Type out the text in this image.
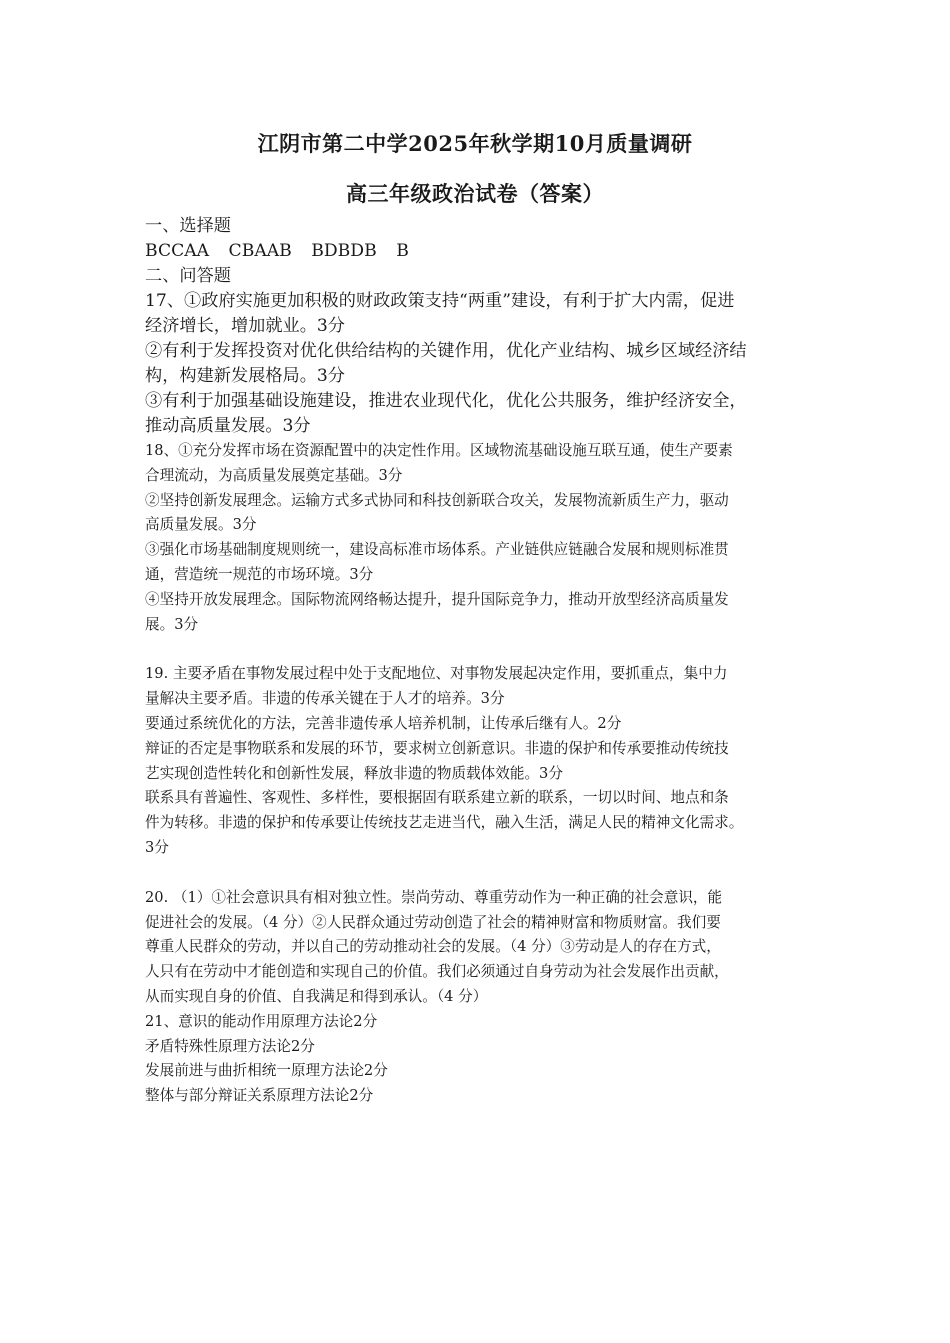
江阴市第二中学2025年秋学期10月质量调研
高三年级政治试卷（答案）
一、选择题
BCCAA CBAAB BDBDB B
二、问答题
17、①政府实施更加积极的财政政策支持“两重”建设，有利于扩大内需，促进
经济增长，增加就业。3分
②有利于发挥投资对优化供给结构的关键作用，优化产业结构、城乡区域经济结
构，构建新发展格局。3分
③有利于加强基础设施建设，推进农业现代化，优化公共服务，维护经济安全，
推动高质量发展。3分
18、①充分发挥市场在资源配置中的决定性作用。区域物流基础设施互联互通，使生产要素
合理流动，为高质量发展奠定基础。3分
②坚持创新发展理念。运输方式多式协同和科技创新联合攻关，发展物流新质生产力，驱动
高质量发展。3分
③强化市场基础制度规则统一，建设高标准市场体系。产业链供应链融合发展和规则标准贯
通，营造统一规范的市场环境。3分
④坚持开放发展理念。国际物流网络畅达提升，提升国际竞争力，推动开放型经济高质量发
展。3分
19. 主要矛盾在事物发展过程中处于支配地位、对事物发展起决定作用，要抓重点，集中力
量解决主要矛盾。非遗的传承关键在于人才的培养。3分
要通过系统优化的方法，完善非遗传承人培养机制，让传承后继有人。2分
辩证的否定是事物联系和发展的环节，要求树立创新意识。非遗的保护和传承要推动传统技
艺实现创造性转化和创新性发展，释放非遗的物质载体效能。3分
联系具有普遍性、客观性、多样性，要根据固有联系建立新的联系，一切以时间、地点和条
件为转移。非遗的保护和传承要让传统技艺走进当代，融入生活，满足人民的精神文化需求。
3分
20. （1）①社会意识具有相对独立性。崇尚劳动、尊重劳动作为一种正确的社会意识，能
促进社会的发展。（4 分）②人民群众通过劳动创造了社会的精神财富和物质财富。我们要
尊重人民群众的劳动，并以自己的劳动推动社会的发展。（4 分）③劳动是人的存在方式，
人只有在劳动中才能创造和实现自己的价值。我们必须通过自身劳动为社会发展作出贡献，
从而实现自身的价值、自我满足和得到承认。（4 分）
21、意识的能动作用原理方法论2分
矛盾特殊性原理方法论2分
发展前进与曲折相统一原理方法论2分
整体与部分辩证关系原理方法论2分
